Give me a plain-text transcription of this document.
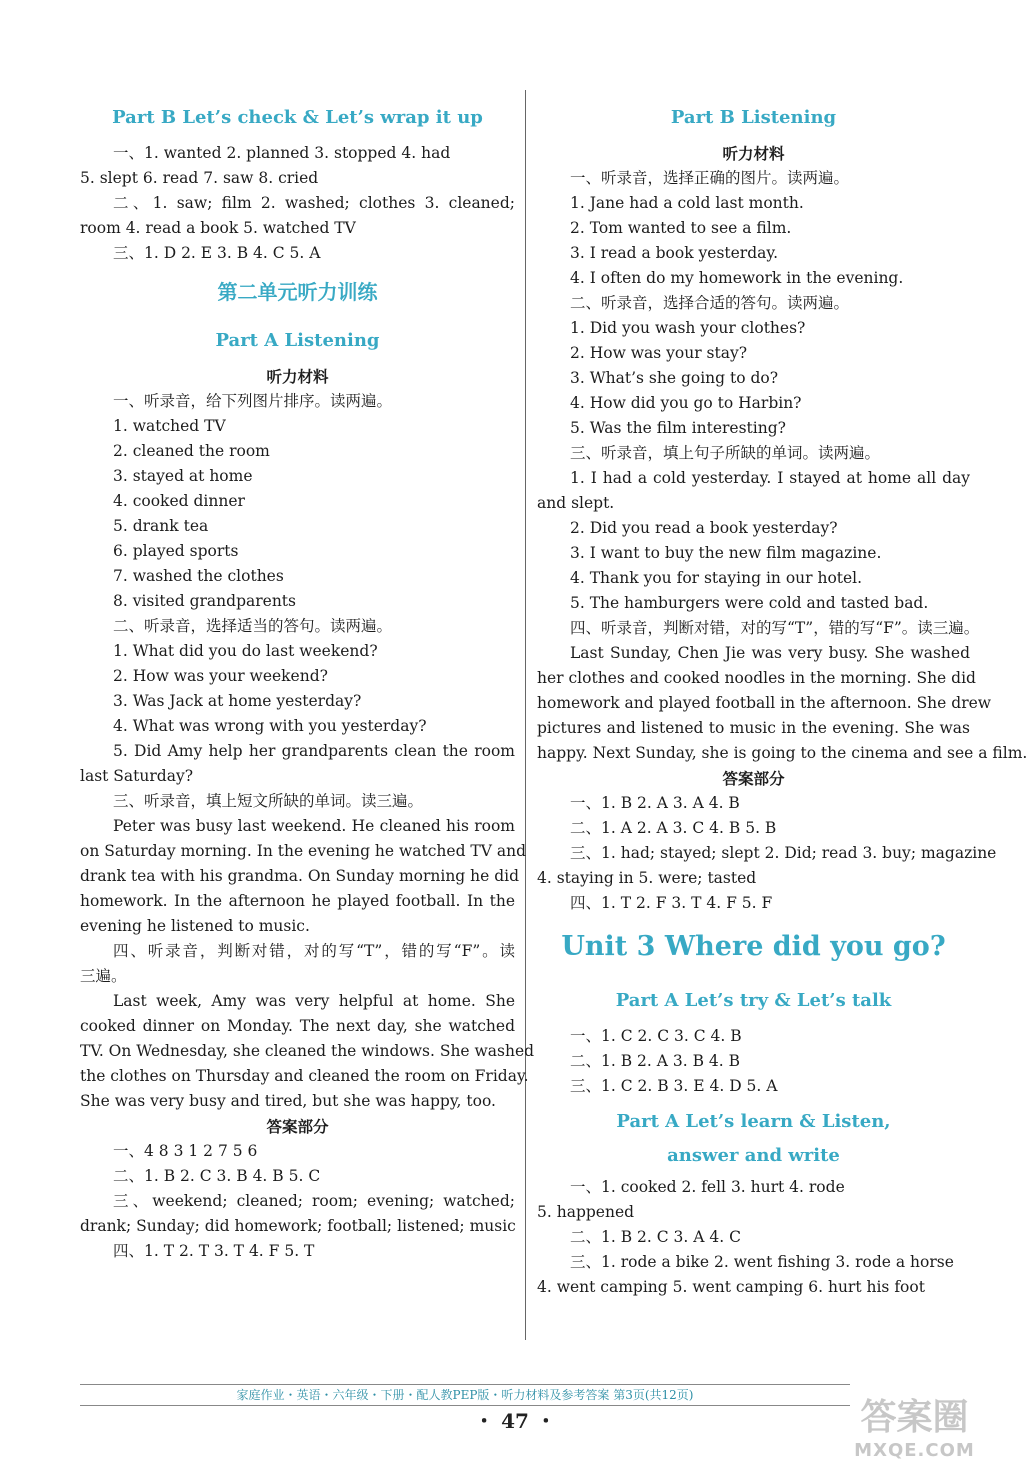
Part B Let’s check & Let’s wrap it up
一、1. wanted 2. planned 3. stopped 4. had
5. slept 6. read 7. saw 8. cried
二、1. saw; film 2. washed; clothes 3. cleaned;
room 4. read a book 5. watched TV
三、1. D 2. E 3. B 4. C 5. A
第二单元听力训练
Part A Listening
听力材料
一、听录音，给下列图片排序。读两遍。
1. watched TV
2. cleaned the room
3. stayed at home
4. cooked dinner
5. drank tea
6. played sports
7. washed the clothes
8. visited grandparents
二、听录音，选择适当的答句。读两遍。
1. What did you do last weekend?
2. How was your weekend?
3. Was Jack at home yesterday?
4. What was wrong with you yesterday?
5. Did Amy help her grandparents clean the room
last Saturday?
三、听录音，填上短文所缺的单词。读三遍。
Peter was busy last weekend. He cleaned his room
on Saturday morning. In the evening he watched TV and
drank tea with his grandma. On Sunday morning he did
homework. In the afternoon he played football. In the
evening he listened to music.
四、听录音，判断对错，对的写“T”，错的写“F”。读
三遍。
Last week, Amy was very helpful at home. She
cooked dinner on Monday. The next day, she watched
TV. On Wednesday, she cleaned the windows. She washed
the clothes on Thursday and cleaned the room on Friday.
She was very busy and tired, but she was happy, too.
答案部分
一、4 8 3 1 2 7 5 6
二、1. B 2. C 3. B 4. B 5. C
三、weekend; cleaned; room; evening; watched;
drank; Sunday; did homework; football; listened; music
四、1. T 2. T 3. T 4. F 5. T
Part B Listening
听力材料
一、听录音，选择正确的图片。读两遍。
1. Jane had a cold last month.
2. Tom wanted to see a film.
3. I read a book yesterday.
4. I often do my homework in the evening.
二、听录音，选择合适的答句。读两遍。
1. Did you wash your clothes?
2. How was your stay?
3. What’s she going to do?
4. How did you go to Harbin?
5. Was the film interesting?
三、听录音，填上句子所缺的单词。读两遍。
1. I had a cold yesterday. I stayed at home all day
and slept.
2. Did you read a book yesterday?
3. I want to buy the new film magazine.
4. Thank you for staying in our hotel.
5. The hamburgers were cold and tasted bad.
四、听录音，判断对错，对的写“T”，错的写“F”。读三遍。
Last Sunday, Chen Jie was very busy. She washed
her clothes and cooked noodles in the morning. She did
homework and played football in the afternoon. She drew
pictures and listened to music in the evening. She was
happy. Next Sunday, she is going to the cinema and see a film.
答案部分
一、1. B 2. A 3. A 4. B
二、1. A 2. A 3. C 4. B 5. B
三、1. had; stayed; slept 2. Did; read 3. buy; magazine
4. staying in 5. were; tasted
四、1. T 2. F 3. T 4. F 5. F
Unit 3 Where did you go?
Part A Let’s try & Let’s talk
一、1. C 2. C 3. C 4. B
二、1. B 2. A 3. B 4. B
三、1. C 2. B 3. E 4. D 5. A
Part A Let’s learn & Listen,
answer and write
一、1. cooked 2. fell 3. hurt 4. rode
5. happened
二、1. B 2. C 3. A 4. C
三、1. rode a bike 2. went fishing 3. rode a horse
4. went camping 5. went camping 6. hurt his foot
家庭作业・英语・六年级・下册・配人教PEP版・听力材料及参考答案 第3页(共12页)
・ 47 ・	答案圈
MXQE.COM
